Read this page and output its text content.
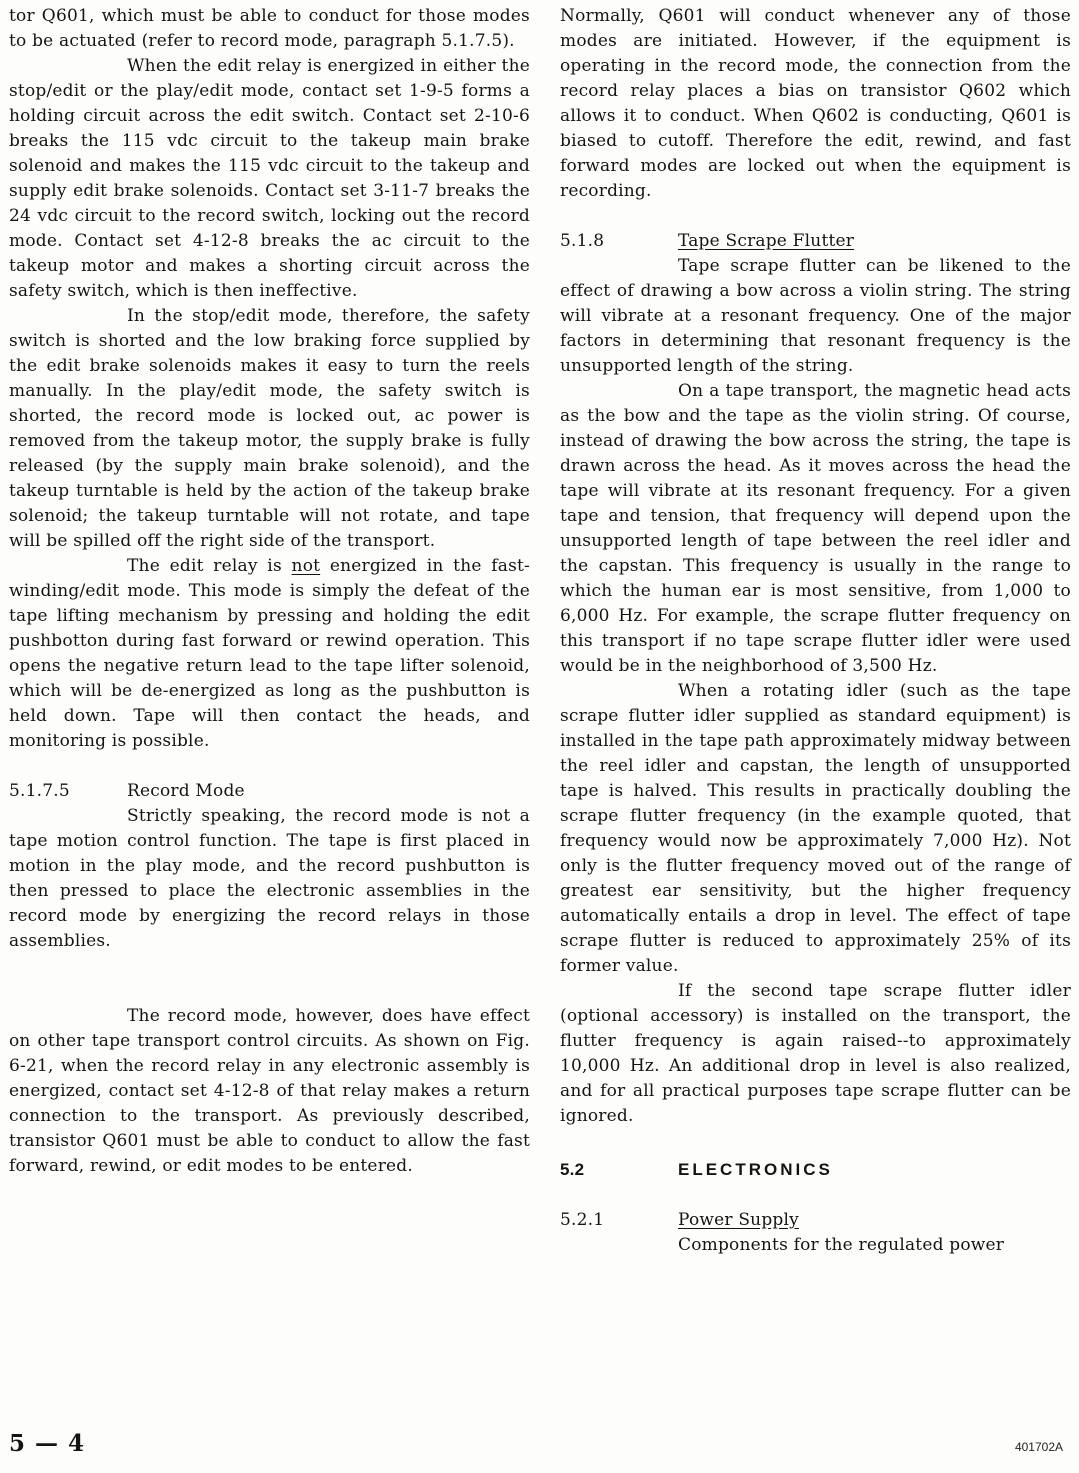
tor Q601, which must be able to conduct for those modes to be actuated (refer to record mode, paragraph 5.1.7.5).

When the edit relay is energized in either the stop/edit or the play/edit mode, contact set 1-9-5 forms a holding circuit across the edit switch. Contact set 2-10-6 breaks the 115 vdc circuit to the takeup main brake solenoid and makes the 115 vdc circuit to the takeup and supply edit brake solenoids. Contact set 3-11-7 breaks the 24 vdc circuit to the record switch, locking out the record mode. Contact set 4-12-8 breaks the ac circuit to the takeup motor and makes a shorting circuit across the safety switch, which is then ineffective.

In the stop/edit mode, therefore, the safety switch is shorted and the low braking force supplied by the edit brake solenoids makes it easy to turn the reels manually. In the play/edit mode, the safety switch is shorted, the record mode is locked out, ac power is removed from the takeup motor, the supply brake is fully released (by the supply main brake solenoid), and the takeup turntable is held by the action of the takeup brake solenoid; the takeup turntable will not rotate, and tape will be spilled off the right side of the transport.

The edit relay is not energized in the fast-winding/edit mode. This mode is simply the defeat of the tape lifting mechanism by pressing and holding the edit pushbotton during fast forward or rewind operation. This opens the negative return lead to the tape lifter solenoid, which will be de-energized as long as the pushbutton is held down. Tape will then contact the heads, and monitoring is possible.

5.1.7.5	Record Mode

Strictly speaking, the record mode is not a tape motion control function. The tape is first placed in motion in the play mode, and the record pushbutton is then pressed to place the electronic assemblies in the record mode by energizing the record relays in those assemblies.

The record mode, however, does have effect on other tape transport control circuits. As shown on Fig. 6-21, when the record relay in any electronic assembly is energized, contact set 4-12-8 of that relay makes a return connection to the transport. As previously described, transistor Q601 must be able to conduct to allow the fast forward, rewind, or edit modes to be entered.

Normally, Q601 will conduct whenever any of those modes are initiated. However, if the equipment is operating in the record mode, the connection from the record relay places a bias on transistor Q602 which allows it to conduct. When Q602 is conducting, Q601 is biased to cutoff. Therefore the edit, rewind, and fast forward modes are locked out when the equipment is recording.

5.1.8	Tape Scrape Flutter

Tape scrape flutter can be likened to the effect of drawing a bow across a violin string. The string will vibrate at a resonant frequency. One of the major factors in determining that resonant frequency is the unsupported length of the string.

On a tape transport, the magnetic head acts as the bow and the tape as the violin string. Of course, instead of drawing the bow across the string, the tape is drawn across the head. As it moves across the head the tape will vibrate at its resonant frequency. For a given tape and tension, that frequency will depend upon the unsupported length of tape between the reel idler and the capstan. This frequency is usually in the range to which the human ear is most sensitive, from 1,000 to 6,000 Hz. For example, the scrape flutter frequency on this transport if no tape scrape flutter idler were used would be in the neighborhood of 3,500 Hz.

When a rotating idler (such as the tape scrape flutter idler supplied as standard equipment) is installed in the tape path approximately midway between the reel idler and capstan, the length of unsupported tape is halved. This results in practically doubling the scrape flutter frequency (in the example quoted, that frequency would now be approximately 7,000 Hz). Not only is the flutter frequency moved out of the range of greatest ear sensitivity, but the higher frequency automatically entails a drop in level. The effect of tape scrape flutter is reduced to approximately 25% of its former value.

If the second tape scrape flutter idler (optional accessory) is installed on the transport, the flutter frequency is again raised--to approximately 10,000 Hz. An additional drop in level is also realized, and for all practical purposes tape scrape flutter can be ignored.

5.2	ELECTRONICS
5.2.1	Power Supply

Components for the regulated power

5 — 4	401702A
